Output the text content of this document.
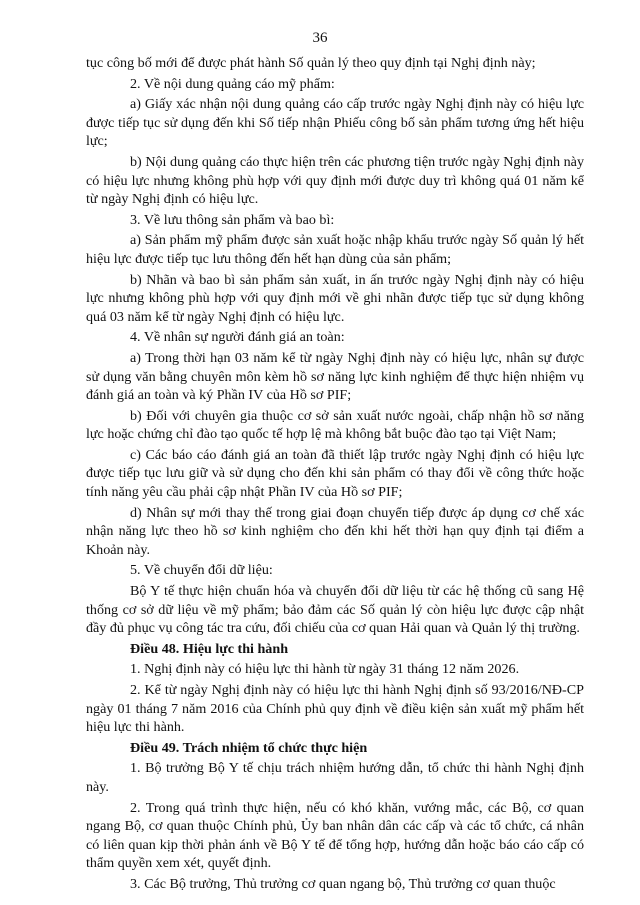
36

tục công bố mới để được phát hành Số quản lý theo quy định tại Nghị định này;

2. Về nội dung quảng cáo mỹ phẩm:

a) Giấy xác nhận nội dung quảng cáo cấp trước ngày Nghị định này có hiệu lực được tiếp tục sử dụng đến khi Số tiếp nhận Phiếu công bố sản phẩm tương ứng hết hiệu lực;

b) Nội dung quảng cáo thực hiện trên các phương tiện trước ngày Nghị định này có hiệu lực nhưng không phù hợp với quy định mới được duy trì không quá 01 năm kể từ ngày Nghị định có hiệu lực.

3. Về lưu thông sản phẩm và bao bì:

a) Sản phẩm mỹ phẩm được sản xuất hoặc nhập khẩu trước ngày Số quản lý hết hiệu lực được tiếp tục lưu thông đến hết hạn dùng của sản phẩm;

b) Nhãn và bao bì sản phẩm sản xuất, in ấn trước ngày Nghị định này có hiệu lực nhưng không phù hợp với quy định mới về ghi nhãn được tiếp tục sử dụng không quá 03 năm kể từ ngày Nghị định có hiệu lực.

4. Về nhân sự người đánh giá an toàn:

a) Trong thời hạn 03 năm kể từ ngày Nghị định này có hiệu lực, nhân sự được sử dụng văn bằng chuyên môn kèm hồ sơ năng lực kinh nghiệm để thực hiện nhiệm vụ đánh giá an toàn và ký Phần IV của Hồ sơ PIF;

b) Đối với chuyên gia thuộc cơ sở sản xuất nước ngoài, chấp nhận hồ sơ năng lực hoặc chứng chỉ đào tạo quốc tế hợp lệ mà không bắt buộc đào tạo tại Việt Nam;

c) Các báo cáo đánh giá an toàn đã thiết lập trước ngày Nghị định có hiệu lực được tiếp tục lưu giữ và sử dụng cho đến khi sản phẩm có thay đổi về công thức hoặc tính năng yêu cầu phải cập nhật Phần IV của Hồ sơ PIF;

d) Nhân sự mới thay thế trong giai đoạn chuyển tiếp được áp dụng cơ chế xác nhận năng lực theo hồ sơ kinh nghiệm cho đến khi hết thời hạn quy định tại điểm a Khoản này.

5. Về chuyển đổi dữ liệu:

Bộ Y tế thực hiện chuẩn hóa và chuyển đổi dữ liệu từ các hệ thống cũ sang Hệ thống cơ sở dữ liệu về mỹ phẩm; bảo đảm các Số quản lý còn hiệu lực được cập nhật đầy đủ phục vụ công tác tra cứu, đối chiếu của cơ quan Hải quan và Quản lý thị trường.

Điều 48. Hiệu lực thi hành

1. Nghị định này có hiệu lực thi hành từ ngày 31 tháng 12 năm 2026.

2. Kể từ ngày Nghị định này có hiệu lực thi hành Nghị định số 93/2016/NĐ-CP ngày 01 tháng 7 năm 2016 của Chính phủ quy định về điều kiện sản xuất mỹ phẩm hết hiệu lực thi hành.

Điều 49. Trách nhiệm tổ chức thực hiện

1. Bộ trưởng Bộ Y tế chịu trách nhiệm hướng dẫn, tổ chức thi hành Nghị định này.

2. Trong quá trình thực hiện, nếu có khó khăn, vướng mắc, các Bộ, cơ quan ngang Bộ, cơ quan thuộc Chính phủ, Ủy ban nhân dân các cấp và các tổ chức, cá nhân có liên quan kịp thời phản ánh về Bộ Y tế để tổng hợp, hướng dẫn hoặc báo cáo cấp có thẩm quyền xem xét, quyết định.

3. Các Bộ trưởng, Thủ trưởng cơ quan ngang bộ, Thủ trưởng cơ quan thuộc
